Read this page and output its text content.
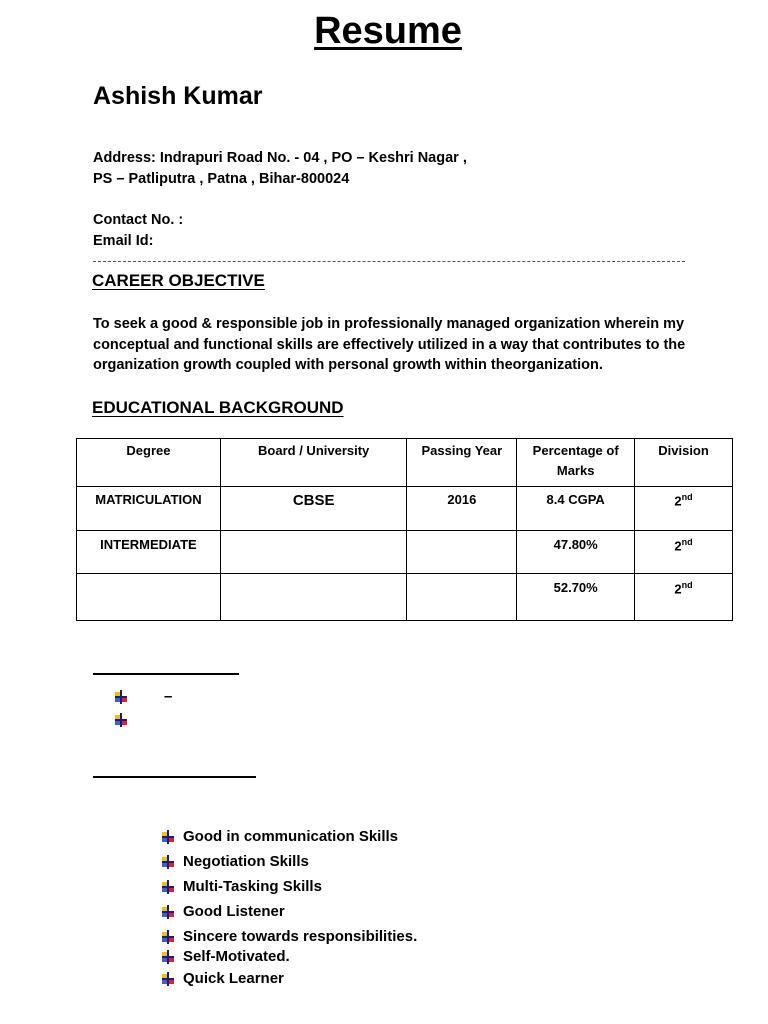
Resume
Ashish Kumar
Address: Indrapuri Road No. - 04 , PO – Keshri Nagar ,
PS – Patliputra , Patna , Bihar-800024
Contact No. :
Email Id:
CAREER OBJECTIVE
To seek a good & responsible job in professionally managed organization wherein my conceptual and functional skills are effectively utilized in a way that contributes to the organization growth coupled with personal growth within theorganization.
EDUCATIONAL BACKGROUND
Degree	Board / University	Passing Year	Percentage of Marks	Division
MATRICULATION	CBSE	2016	8.4 CGPA	2nd
INTERMEDIATE			47.80%	2nd
			52.70%	2nd
–
Good in communication Skills
Negotiation Skills
Multi-Tasking Skills
Good Listener
Sincere towards responsibilities.
Self-Motivated.
Quick Learner
